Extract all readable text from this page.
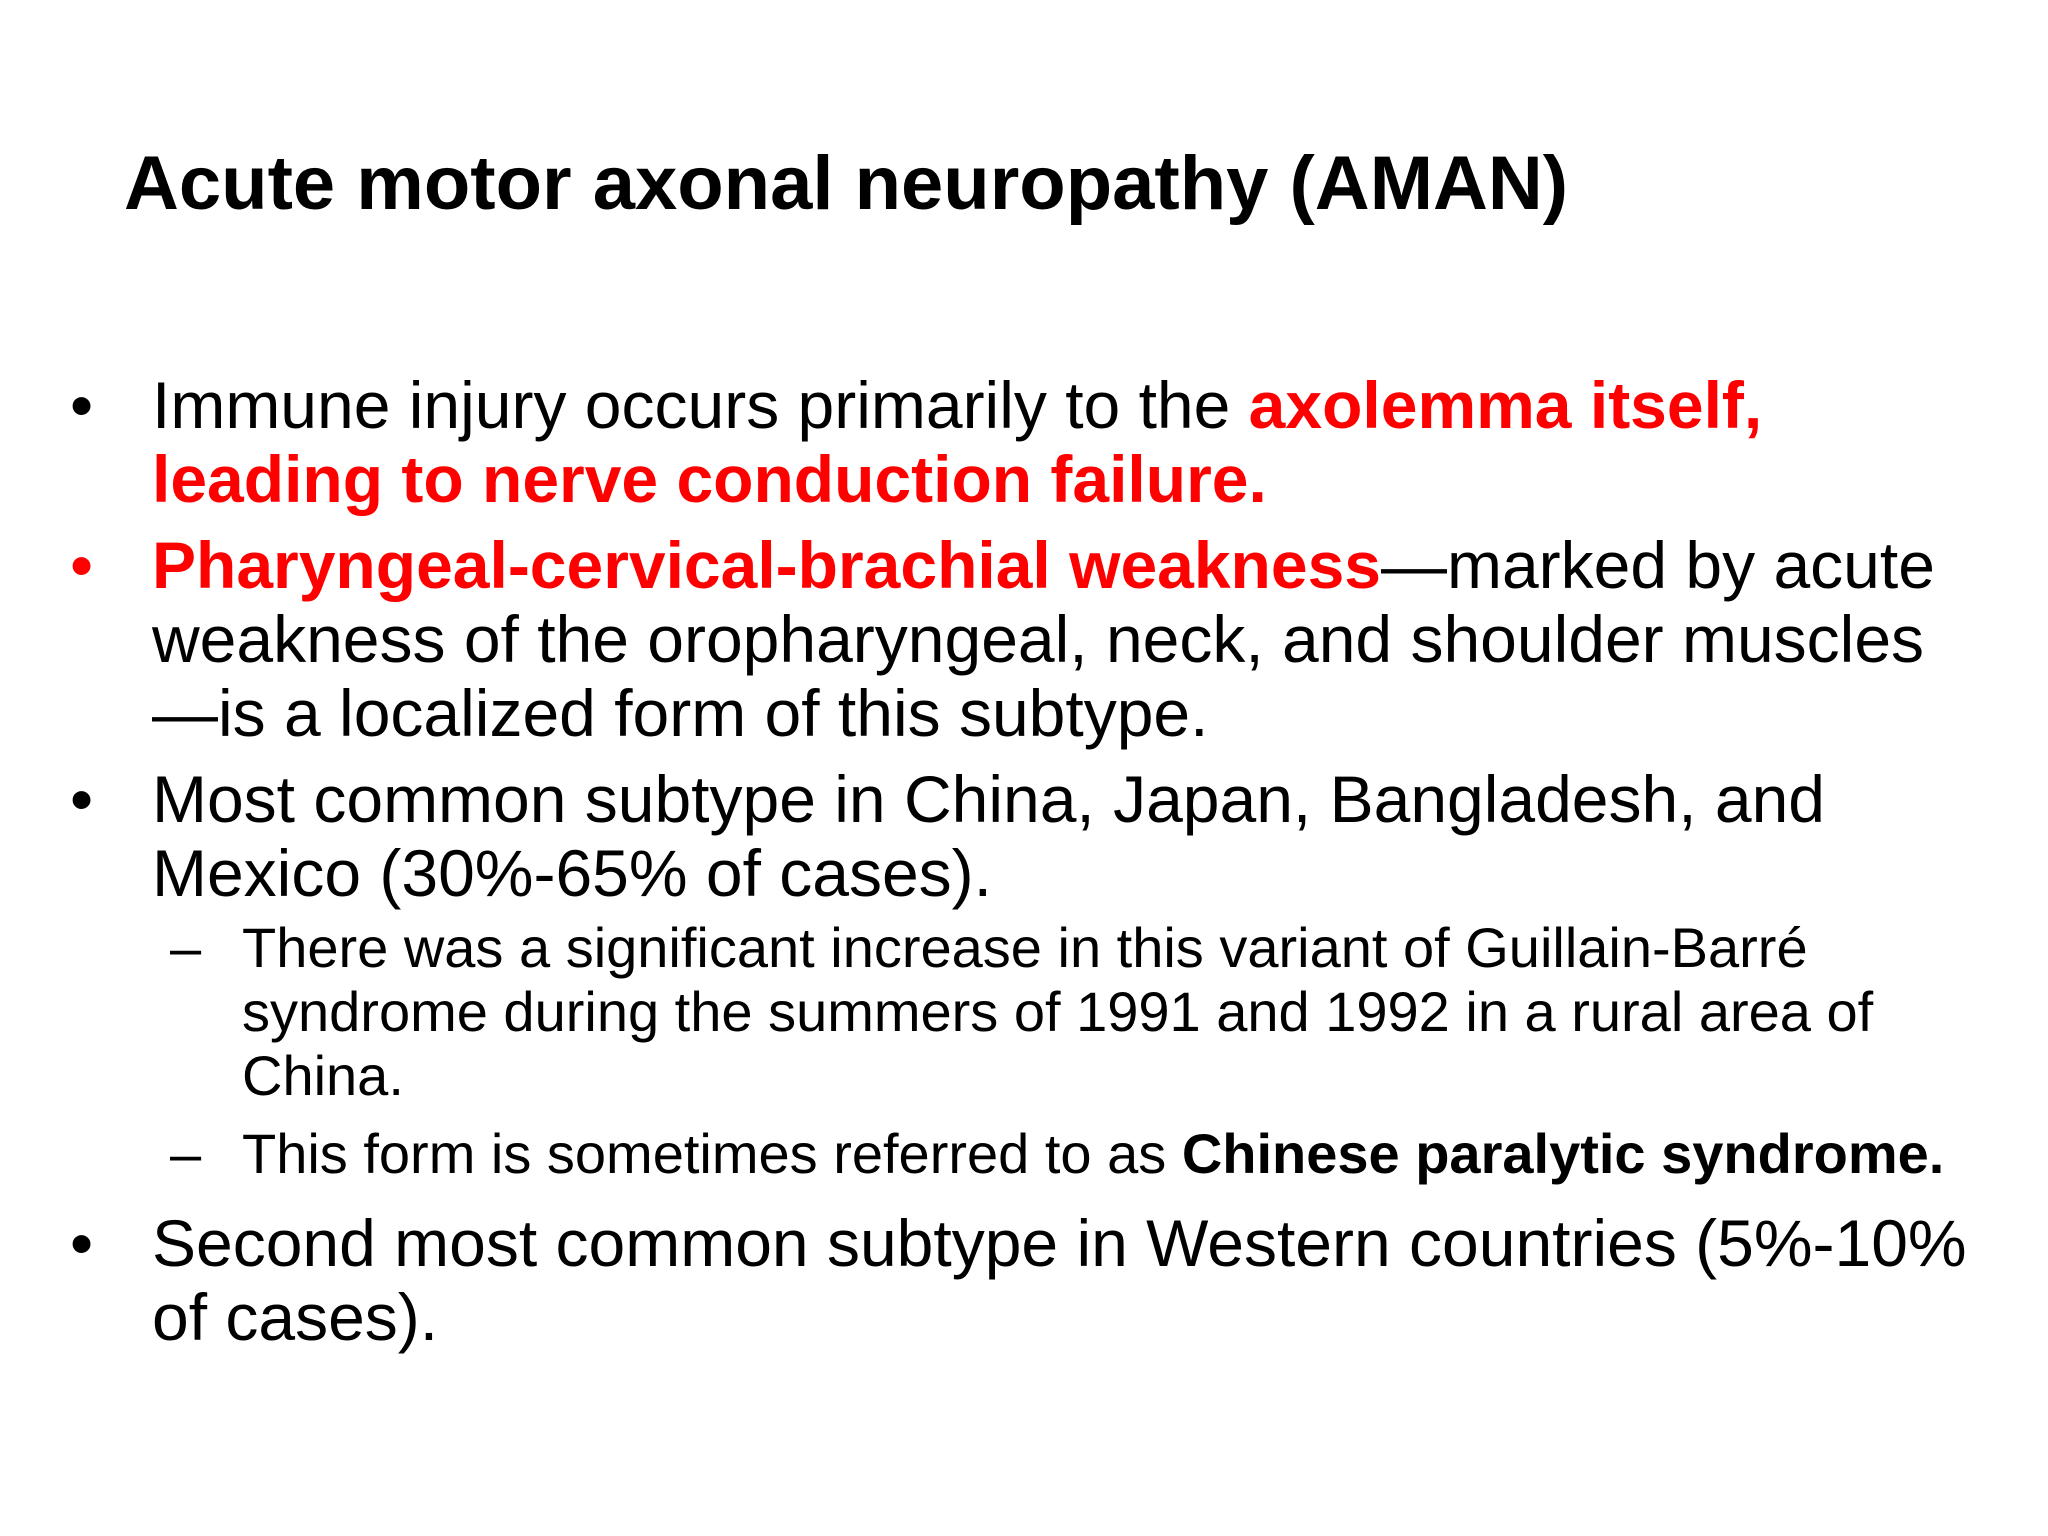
Acute motor axonal neuropathy (AMAN)
• Immune injury occurs primarily to the axolemma itself, leading to nerve conduction failure.
• Pharyngeal-cervical-brachial weakness—marked by acute weakness of the oropharyngeal, neck, and shoulder muscles—is a localized form of this subtype.
• Most common subtype in China, Japan, Bangladesh, and Mexico (30%-65% of cases).
– There was a significant increase in this variant of Guillain-Barré syndrome during the summers of 1991 and 1992 in a rural area of China.
– This form is sometimes referred to as Chinese paralytic syndrome.
• Second most common subtype in Western countries (5%-10% of cases).
